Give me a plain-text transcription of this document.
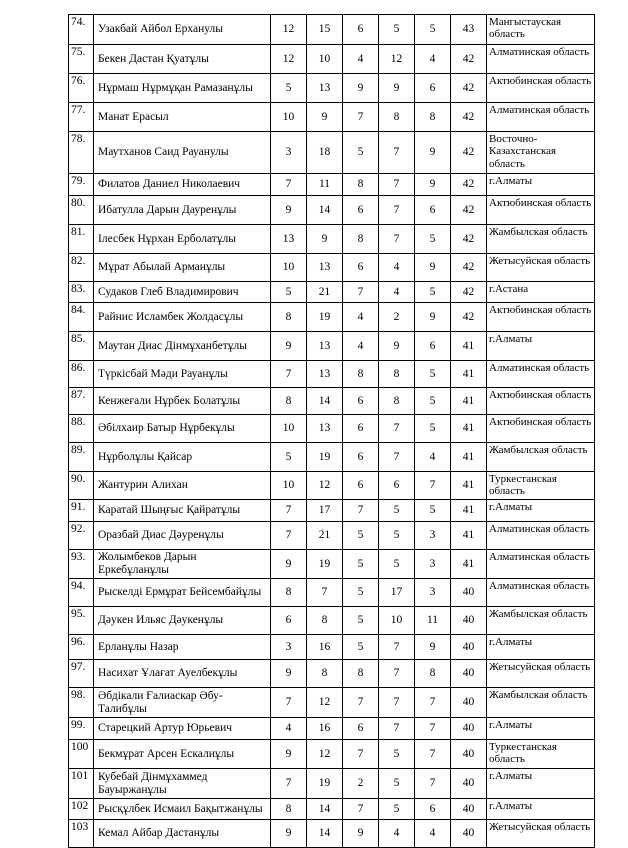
74.	Узакбай Айбол Ерханулы	12	15	6	5	5	43	Мангыстауская область
75.	Бекен Дастан Қуатұлы	12	10	4	12	4	42	Алматинская область
76.	Нұрмаш Нұрмұқан Рамазанұлы	5	13	9	9	6	42	Актюбинская область
77.	Манат Ерасыл	10	9	7	8	8	42	Алматинская область
78.	Маутханов Саид Рауанулы	3	18	5	7	9	42	Восточно-Казахстанская область
79.	Филатов Даниел Николаевич	7	11	8	7	9	42	г.Алматы
80.	Ибатулла Дарын Дауренұлы	9	14	6	7	6	42	Актюбинская область
81.	Ілесбек Нұрхан Ерболатұлы	13	9	8	7	5	42	Жамбылская область
82.	Мұрат Абылай Арманұлы	10	13	6	4	9	42	Жетысуйская область
83.	Судаков Глеб Владимирович	5	21	7	4	5	42	г.Астана
84.	Райнис Исламбек Жолдасұлы	8	19	4	2	9	42	Актюбинская область
85.	Маутан Диас Дінмұханбетұлы	9	13	4	9	6	41	г.Алматы
86.	Түркісбай Мәди Рауанұлы	7	13	8	8	5	41	Алматинская область
87.	Кенжеғали Нұрбек Болатұлы	8	14	6	8	5	41	Актюбинская область
88.	Әбілхаир Батыр Нұрбекұлы	10	13	6	7	5	41	Актюбинская область
89.	Нұрболұлы Қайсар	5	19	6	7	4	41	Жамбылская область
90.	Жантурин Алихан	10	12	6	6	7	41	Туркестанская область
91.	Каратай Шыңғыс Қайратұлы	7	17	7	5	5	41	г.Алматы
92.	Оразбай Диас Дәуренұлы	7	21	5	5	3	41	Алматинская область
93.	Жолымбеков Дарын Еркебұланұлы	9	19	5	5	3	41	Алматинская область
94.	Рыскелді Ермұрат Бейсембайұлы	8	7	5	17	3	40	Алматинская область
95.	Дәукен Ильяс Дәукенұлы	6	8	5	10	11	40	Жамбылская область
96.	Ерланұлы Назар	3	16	5	7	9	40	г.Алматы
97.	Насихат Ұлағат Ауелбекұлы	9	8	8	7	8	40	Жетысуйская область
98.	Әбдікали Ғалиаскар Әбу-Талибұлы	7	12	7	7	7	40	Жамбылская область
99.	Старецкий Артур Юрьевич	4	16	6	7	7	40	г.Алматы
100	Бекмұрат Арсен Ескалиұлы	9	12	7	5	7	40	Туркестанская область
101	Кубебай Дінмұхаммед Бауыржанұлы	7	19	2	5	7	40	г.Алматы
102	Рысқұлбек Исмаил Бақытжанұлы	8	14	7	5	6	40	г.Алматы
103	Кемал Айбар Дастанұлы	9	14	9	4	4	40	Жетысуйская область
